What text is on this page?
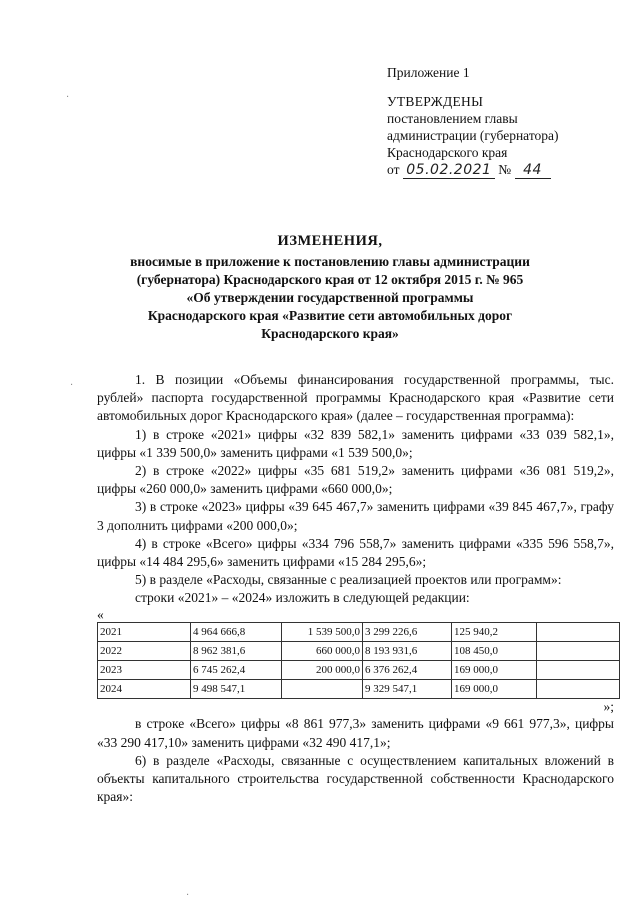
Приложение 1
УТВЕРЖДЕНЫ
постановлением главы
администрации (губернатора)
Краснодарского края
от 05.02.2021 № 44
ИЗМЕНЕНИЯ,
вносимые в приложение к постановлению главы администрации
(губернатора) Краснодарского края от 12 октября 2015 г. № 965
«Об утверждении государственной программы
Краснодарского края «Развитие сети автомобильных дорог
Краснодарского края»

1. В позиции «Объемы финансирования государственной программы, тыс. рублей» паспорта государственной программы Краснодарского края «Развитие сети автомобильных дорог Краснодарского края» (далее – государственная программа):

1) в строке «2021» цифры «32 839 582,1» заменить цифрами «33 039 582,1», цифры «1 339 500,0» заменить цифрами «1 539 500,0»;

2) в строке «2022» цифры «35 681 519,2» заменить цифрами «36 081 519,2», цифры «260 000,0» заменить цифрами «660 000,0»;

3) в строке «2023» цифры «39 645 467,7» заменить цифрами «39 845 467,7», графу 3 дополнить цифрами «200 000,0»;

4) в строке «Всего» цифры «334 796 558,7» заменить цифрами «335 596 558,7», цифры «14 484 295,6» заменить цифрами «15 284 295,6»;

5) в разделе «Расходы, связанные с реализацией проектов или программ»:

строки «2021» – «2024» изложить в следующей редакции:

«

2021	4 964 666,8	1 539 500,0	3 299 226,6	125 940,2	
2022	8 962 381,6	660 000,0	8 193 931,6	108 450,0	
2023	6 745 262,4	200 000,0	6 376 262,4	169 000,0	
2024	9 498 547,1		9 329 547,1	169 000,0	

»;

в строке «Всего» цифры «8 861 977,3» заменить цифрами «9 661 977,3», цифры «33 290 417,10» заменить цифрами «32 490 417,1»;

6) в разделе «Расходы, связанные с осуществлением капитальных вложений в объекты капитального строительства государственной собственности Краснодарского края»:

·
·
·
